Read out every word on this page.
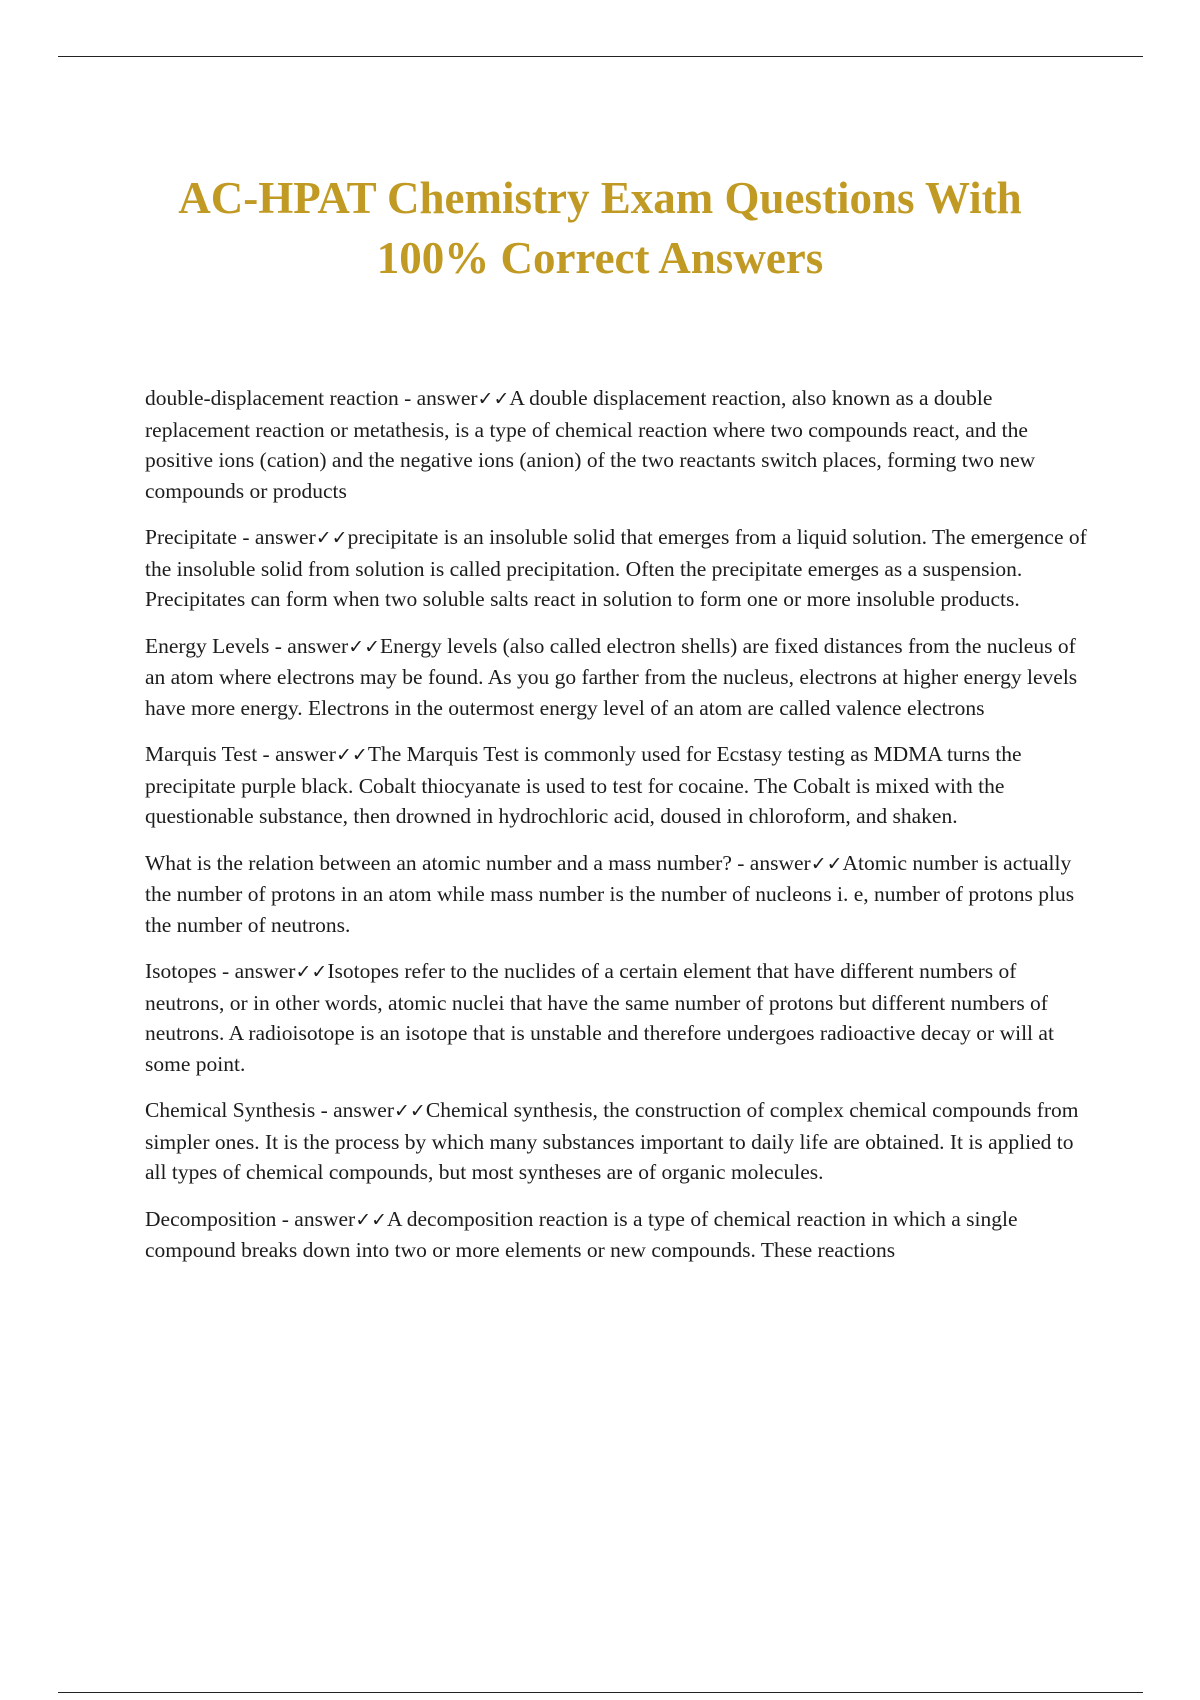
AC-HPAT Chemistry Exam Questions With
100% Correct Answers

double-displacement reaction - answer✓✓A double displacement reaction, also known as a double replacement reaction or metathesis, is a type of chemical reaction where two compounds react, and the positive ions (cation) and the negative ions (anion) of the two reactants switch places, forming two new compounds or products

Precipitate - answer✓✓precipitate is an insoluble solid that emerges from a liquid solution. The emergence of the insoluble solid from solution is called precipitation. Often the precipitate emerges as a suspension. Precipitates can form when two soluble salts react in solution to form one or more insoluble products.

Energy Levels - answer✓✓Energy levels (also called electron shells) are fixed distances from the nucleus of an atom where electrons may be found. As you go farther from the nucleus, electrons at higher energy levels have more energy. Electrons in the outermost energy level of an atom are called valence electrons

Marquis Test - answer✓✓The Marquis Test is commonly used for Ecstasy testing as MDMA turns the precipitate purple black. Cobalt thiocyanate is used to test for cocaine. The Cobalt is mixed with the questionable substance, then drowned in hydrochloric acid, doused in chloroform, and shaken.

What is the relation between an atomic number and a mass number? - answer✓✓Atomic number is actually the number of protons in an atom while mass number is the number of nucleons i. e, number of protons plus the number of neutrons.

Isotopes - answer✓✓Isotopes refer to the nuclides of a certain element that have different numbers of neutrons, or in other words, atomic nuclei that have the same number of protons but different numbers of neutrons. A radioisotope is an isotope that is unstable and therefore undergoes radioactive decay or will at some point.

Chemical Synthesis - answer✓✓Chemical synthesis, the construction of complex chemical compounds from simpler ones. It is the process by which many substances important to daily life are obtained. It is applied to all types of chemical compounds, but most syntheses are of organic molecules.

Decomposition - answer✓✓A decomposition reaction is a type of chemical reaction in which a single compound breaks down into two or more elements or new compounds. These reactions
